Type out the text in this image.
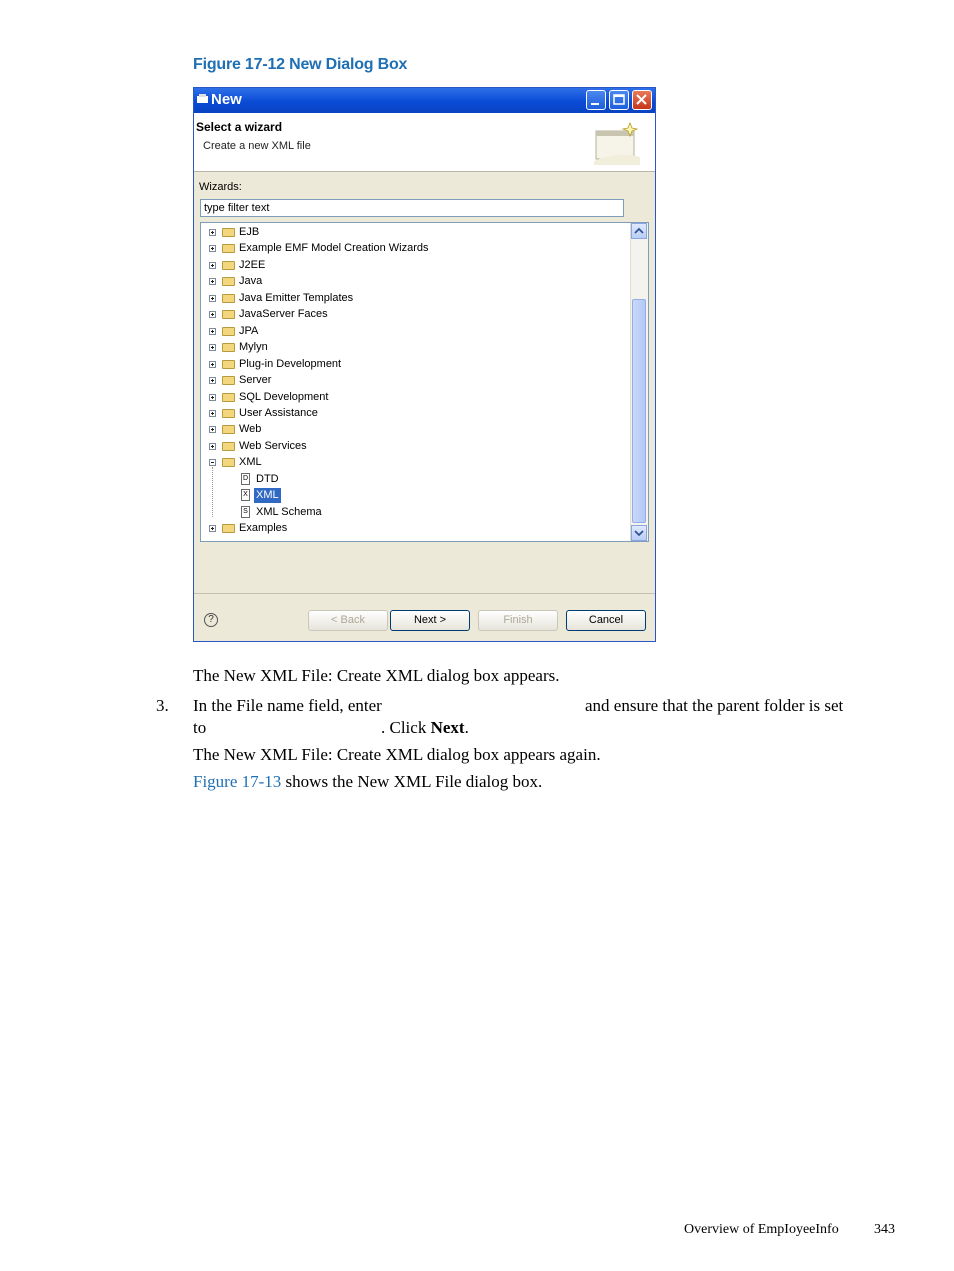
Figure 17-12 New Dialog Box
New
Select a wizard
Create a new XML file
Wizards:
type filter text
EJB
Example EMF Model Creation Wizards
J2EE
Java
Java Emitter Templates
JavaServer Faces
JPA
Mylyn
Plug-in Development
Server
SQL Development
User Assistance
Web
Web Services
XML
D DTD
X XML
S XML Schema
Examples
?	< Back	Next >	Finish	Cancel
The New XML File: Create XML dialog box appears.
3. In the File name field, enter	and ensure that the parent folder is set
to	. Click Next.
The New XML File: Create XML dialog box appears again.
Figure 17-13 shows the New XML File dialog box.
Overview of EmpIoyeeInfo	343
